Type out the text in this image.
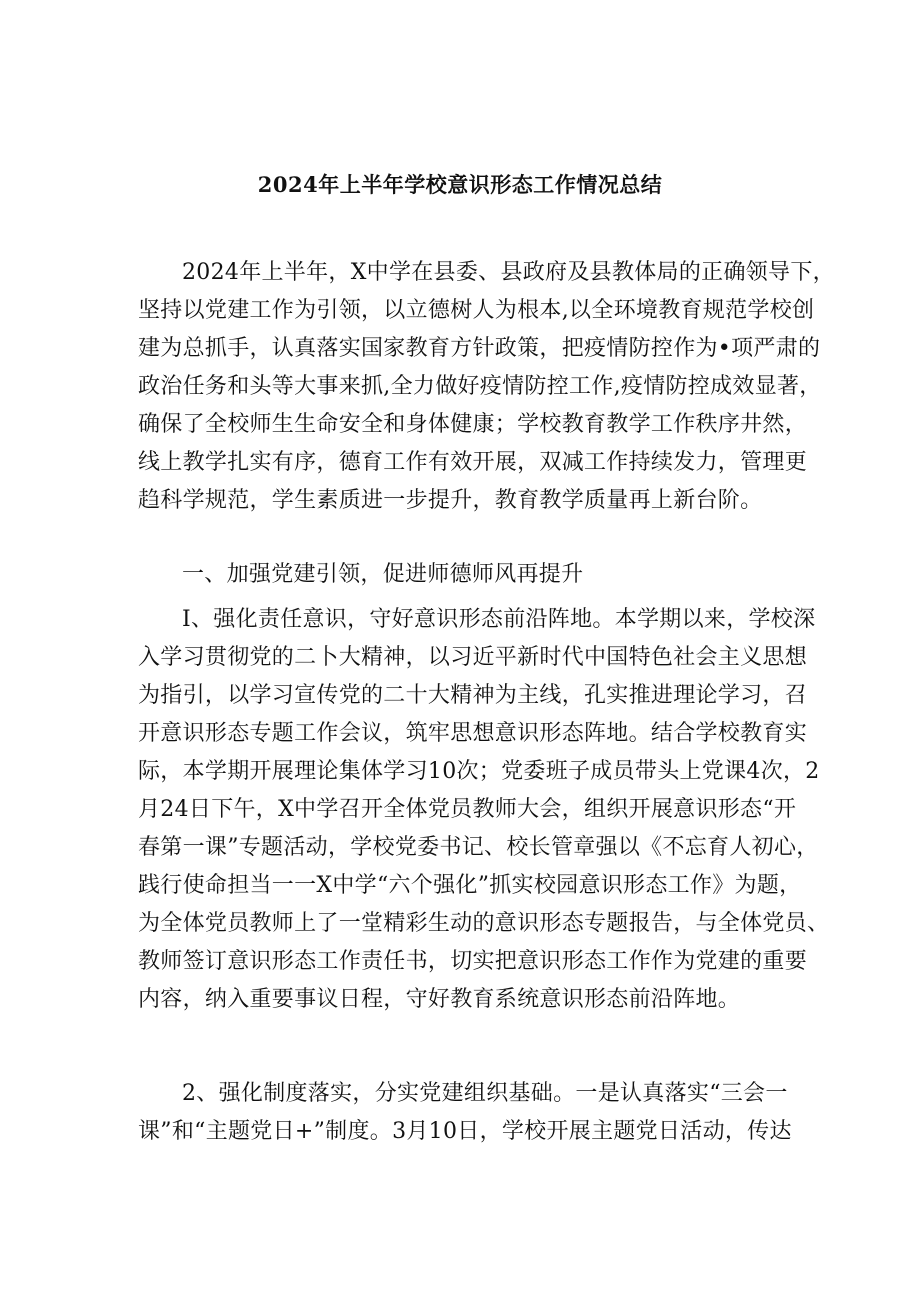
2024年上半年学校意识形态工作情况总结
2024年上半年，X中学在县委、县政府及县教体局的正确领导下，
坚持以党建工作为引领，以立德树人为根本,以全环境教育规范学校创
建为总抓手，认真落实国家教育方针政策，把疫情防控作为•项严肃的
政治任务和头等大事来抓,全力做好疫情防控工作,疫情防控成效显著，
确保了全校师生生命安全和身体健康；学校教育教学工作秩序井然，
线上教学扎实有序，德育工作有效开展，双减工作持续发力，管理更
趋科学规范，学生素质进一步提升，教育教学质量再上新台阶。
一、加强党建引领，促进师德师风再提升
I、强化责任意识，守好意识形态前沿阵地。本学期以来，学校深
入学习贯彻党的二卜大精神，以习近平新时代中国特色社会主义思想
为指引，以学习宣传党的二十大精神为主线，孔实推进理论学习，召
开意识形态专题工作会议，筑牢思想意识形态阵地。结合学校教育实
际，本学期开展理论集体学习10次；党委班子成员带头上党课4次，2
月24日下午，X中学召开全体党员教师大会，组织开展意识形态“开
春第一课”专题活动，学校党委书记、校长管章强以《不忘育人初心，
践行使命担当一一X中学“六个强化”抓实校园意识形态工作》为题，
为全体党员教师上了一堂精彩生动的意识形态专题报告，与全体党员、
教师签订意识形态工作责任书，切实把意识形态工作作为党建的重要
内容，纳入重要事议日程，守好教育系统意识形态前沿阵地。
2、强化制度落实，分实党建组织基础。一是认真落实“三会一
课”和“主题党日+”制度。3月10日，学校开展主题党日活动，传达
